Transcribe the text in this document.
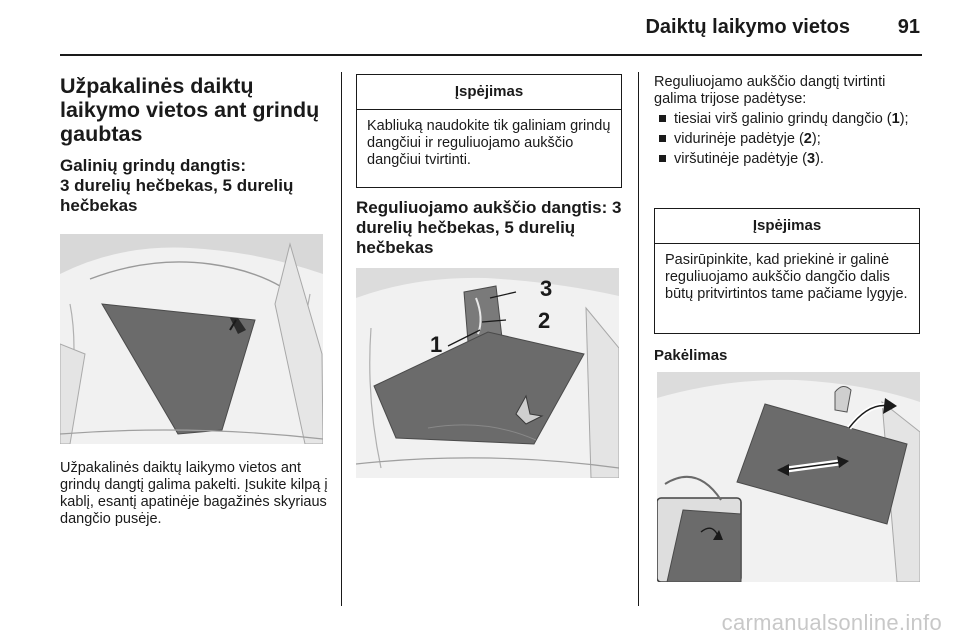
Daiktų laikymo vietos 91
Užpakalinės daiktų laikymo vietos ant grindų gaubtas
Galinių grindų dangtis:
3 durelių hečbekas, 5 durelių hečbekas

Užpakalinės daiktų laikymo vietos ant grindų dangtį galima pakelti. Įsukite kilpą į kablį, esantį apatinėje bagažinės skyriaus dangčio pusėje.

Įspėjimas
Kabliuką naudokite tik galiniam grindų dangčiui ir reguliuojamo aukščio dangčiui tvirtinti.
Reguliuojamo aukščio dangtis: 3 durelių hečbekas, 5 durelių hečbekas
1
2
3

Reguliuojamo aukščio dangtį tvirtinti galima trijose padėtyse:

tiesiai virš galinio grindų dangčio (1);
vidurinėje padėtyje (2);
viršutinėje padėtyje (3).
Įspėjimas
Pasirūpinkite, kad priekinė ir galinė reguliuojamo aukščio dangčio dalis būtų pritvirtintos tame pačiame lygyje.
Pakėlimas
carmanualsonline.info
